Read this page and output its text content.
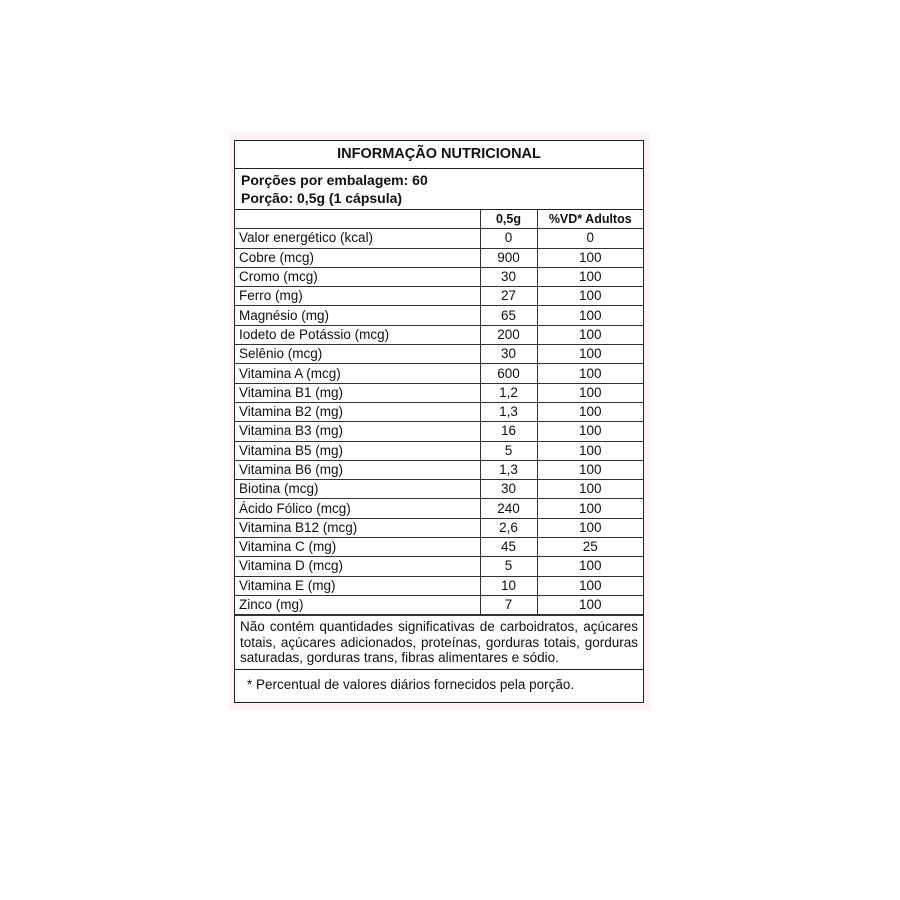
INFORMAÇÃO NUTRICIONAL
Porções por embalagem: 60
Porção: 0,5g (1 cápsula)
	0,5g	%VD* Adultos
Valor energético (kcal)	0	0
Cobre (mcg)	900	100
Cromo (mcg)	30	100
Ferro (mg)	27	100
Magnésio (mg)	65	100
Iodeto de Potássio (mcg)	200	100
Selênio (mcg)	30	100
Vitamina A (mcg)	600	100
Vitamina B1 (mg)	1,2	100
Vitamina B2 (mg)	1,3	100
Vitamina B3 (mg)	16	100
Vitamina B5 (mg)	5	100
Vitamina B6 (mg)	1,3	100
Biotina (mcg)	30	100
Ácido Fólico (mcg)	240	100
Vitamina B12 (mcg)	2,6	100
Vitamina C (mg)	45	25
Vitamina D (mcg)	5	100
Vitamina E (mg)	10	100
Zinco (mg)	7	100
Não contém quantidades significativas de carboidratos, açúcares totais, açúcares adicionados, proteínas, gorduras totais, gorduras saturadas, gorduras trans, fibras alimentares e sódio.
* Percentual de valores diários fornecidos pela porção.
